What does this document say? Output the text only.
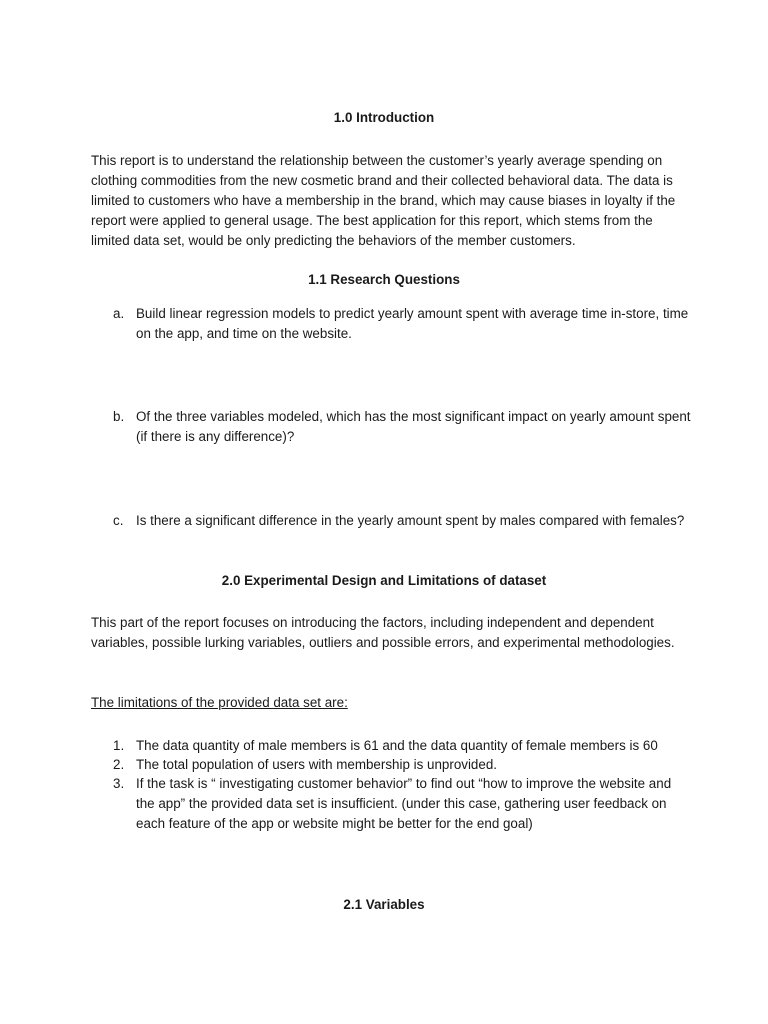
1.0 Introduction

This report is to understand the relationship between the customer’s yearly average spending on clothing commodities from the new cosmetic brand and their collected behavioral data. The data is limited to customers who have a membership in the brand, which may cause biases in loyalty if the report were applied to general usage. The best application for this report, which stems from the limited data set, would be only predicting the behaviors of the member customers.

1.1 Research Questions
a. Build linear regression models to predict yearly amount spent with average time in-store, time on the app, and time on the website.
b. Of the three variables modeled, which has the most significant impact on yearly amount spent (if there is any difference)?
c. Is there a significant difference in the yearly amount spent by males compared with females?
2.0 Experimental Design and Limitations of dataset

This part of the report focuses on introducing the factors, including independent and dependent variables, possible lurking variables, outliers and possible errors, and experimental methodologies.

The limitations of the provided data set are:

1. The data quantity of male members is 61 and the data quantity of female members is 60
2. The total population of users with membership is unprovided.
3. If the task is “ investigating customer behavior” to find out “how to improve the website and the app” the provided data set is insufficient. (under this case, gathering user feedback on each feature of the app or website might be better for the end goal)
2.1 Variables
